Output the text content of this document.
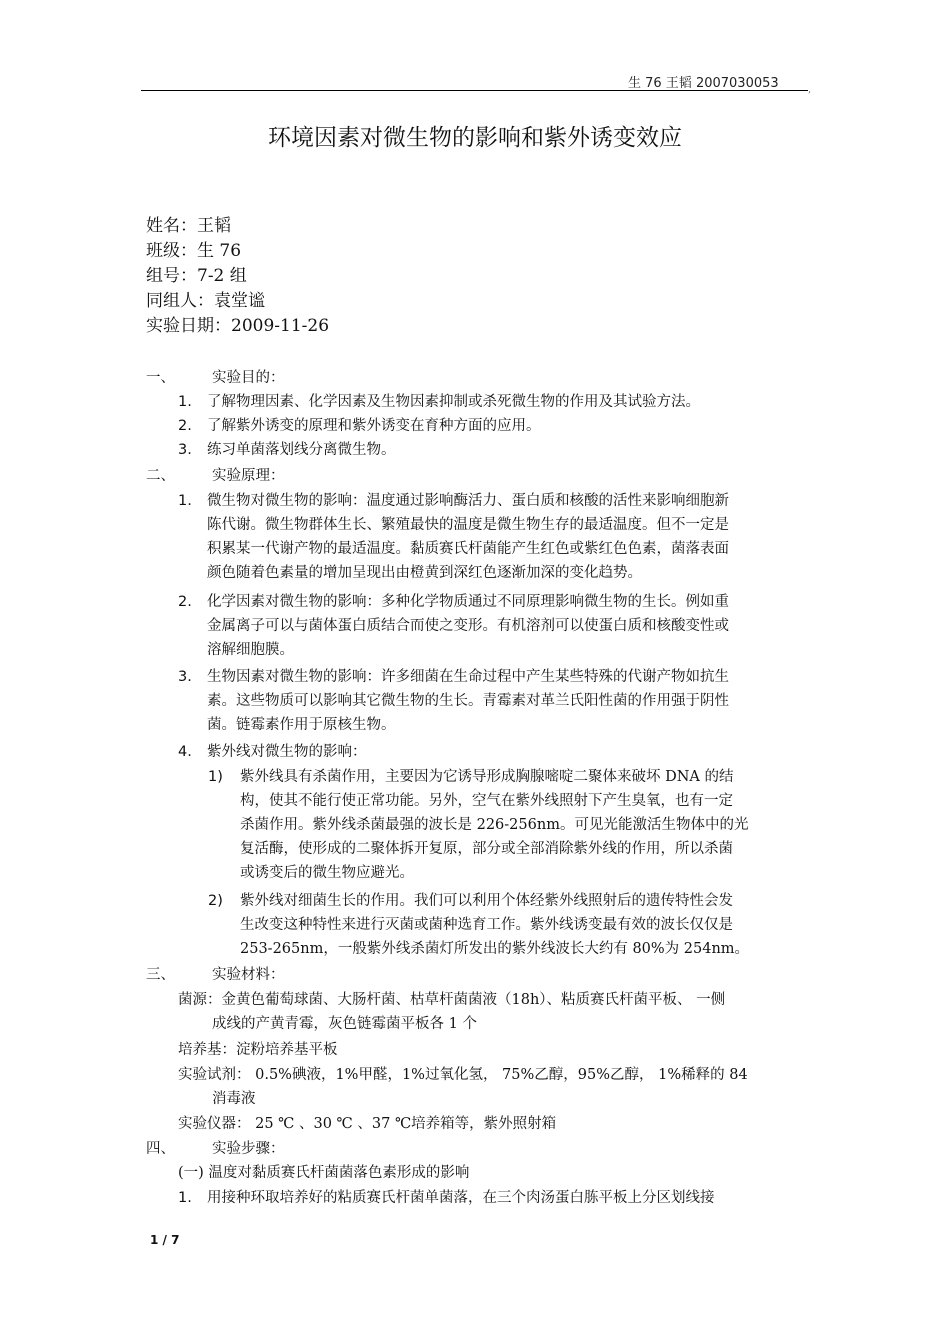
生 76 王韬 2007030053	,
环境因素对微生物的影响和紫外诱变效应
姓名：王韬
班级：生 76
组号：7-2 组
同组人：袁堂谧
实验日期：2009-11-26
一、	实验目的：
1. 了解物理因素、化学因素及生物因素抑制或杀死微生物的作用及其试验方法。
2. 了解紫外诱变的原理和紫外诱变在育种方面的应用。
3. 练习单菌落划线分离微生物。
二、	实验原理：
1. 微生物对微生物的影响：温度通过影响酶活力、蛋白质和核酸的活性来影响细胞新
陈代谢。微生物群体生长、繁殖最快的温度是微生物生存的最适温度。但不一定是
积累某一代谢产物的最适温度。黏质赛氏杆菌能产生红色或紫红色色素，菌落表面
颜色随着色素量的增加呈现出由橙黄到深红色逐渐加深的变化趋势。
2. 化学因素对微生物的影响：多种化学物质通过不同原理影响微生物的生长。例如重
金属离子可以与菌体蛋白质结合而使之变形。有机溶剂可以使蛋白质和核酸变性或
溶解细胞膜。
3. 生物因素对微生物的影响：许多细菌在生命过程中产生某些特殊的代谢产物如抗生
素。这些物质可以影响其它微生物的生长。青霉素对革兰氏阳性菌的作用强于阴性
菌。链霉素作用于原核生物。
4. 紫外线对微生物的影响：
1) 紫外线具有杀菌作用，主要因为它诱导形成胸腺嘧啶二聚体来破坏 DNA 的结
构，使其不能行使正常功能。另外，空气在紫外线照射下产生臭氧，也有一定
杀菌作用。紫外线杀菌最强的波长是 226-256nm。可见光能激活生物体中的光
复活酶，使形成的二聚体拆开复原，部分或全部消除紫外线的作用，所以杀菌
或诱变后的微生物应避光。
2) 紫外线对细菌生长的作用。我们可以利用个体经紫外线照射后的遗传特性会发
生改变这种特性来进行灭菌或菌种选育工作。紫外线诱变最有效的波长仅仅是
253-265nm，一般紫外线杀菌灯所发出的紫外线波长大约有 80%为 254nm。
三、	实验材料：
菌源：金黄色葡萄球菌、大肠杆菌、枯草杆菌菌液（18h）、粘质赛氏杆菌平板、 一侧
成线的产黄青霉，灰色链霉菌平板各 1 个
培养基：淀粉培养基平板
实验试剂： 0.5%碘液，1%甲醛，1%过氧化氢， 75%乙醇，95%乙醇， 1%稀释的 84
消毒液
实验仪器： 25 ℃ 、30 ℃ 、37 ℃培养箱等，紫外照射箱
四、	实验步骤：
(一) 温度对黏质赛氏杆菌菌落色素形成的影响
1. 用接种环取培养好的粘质赛氏杆菌单菌落，在三个肉汤蛋白胨平板上分区划线接
1 / 7
